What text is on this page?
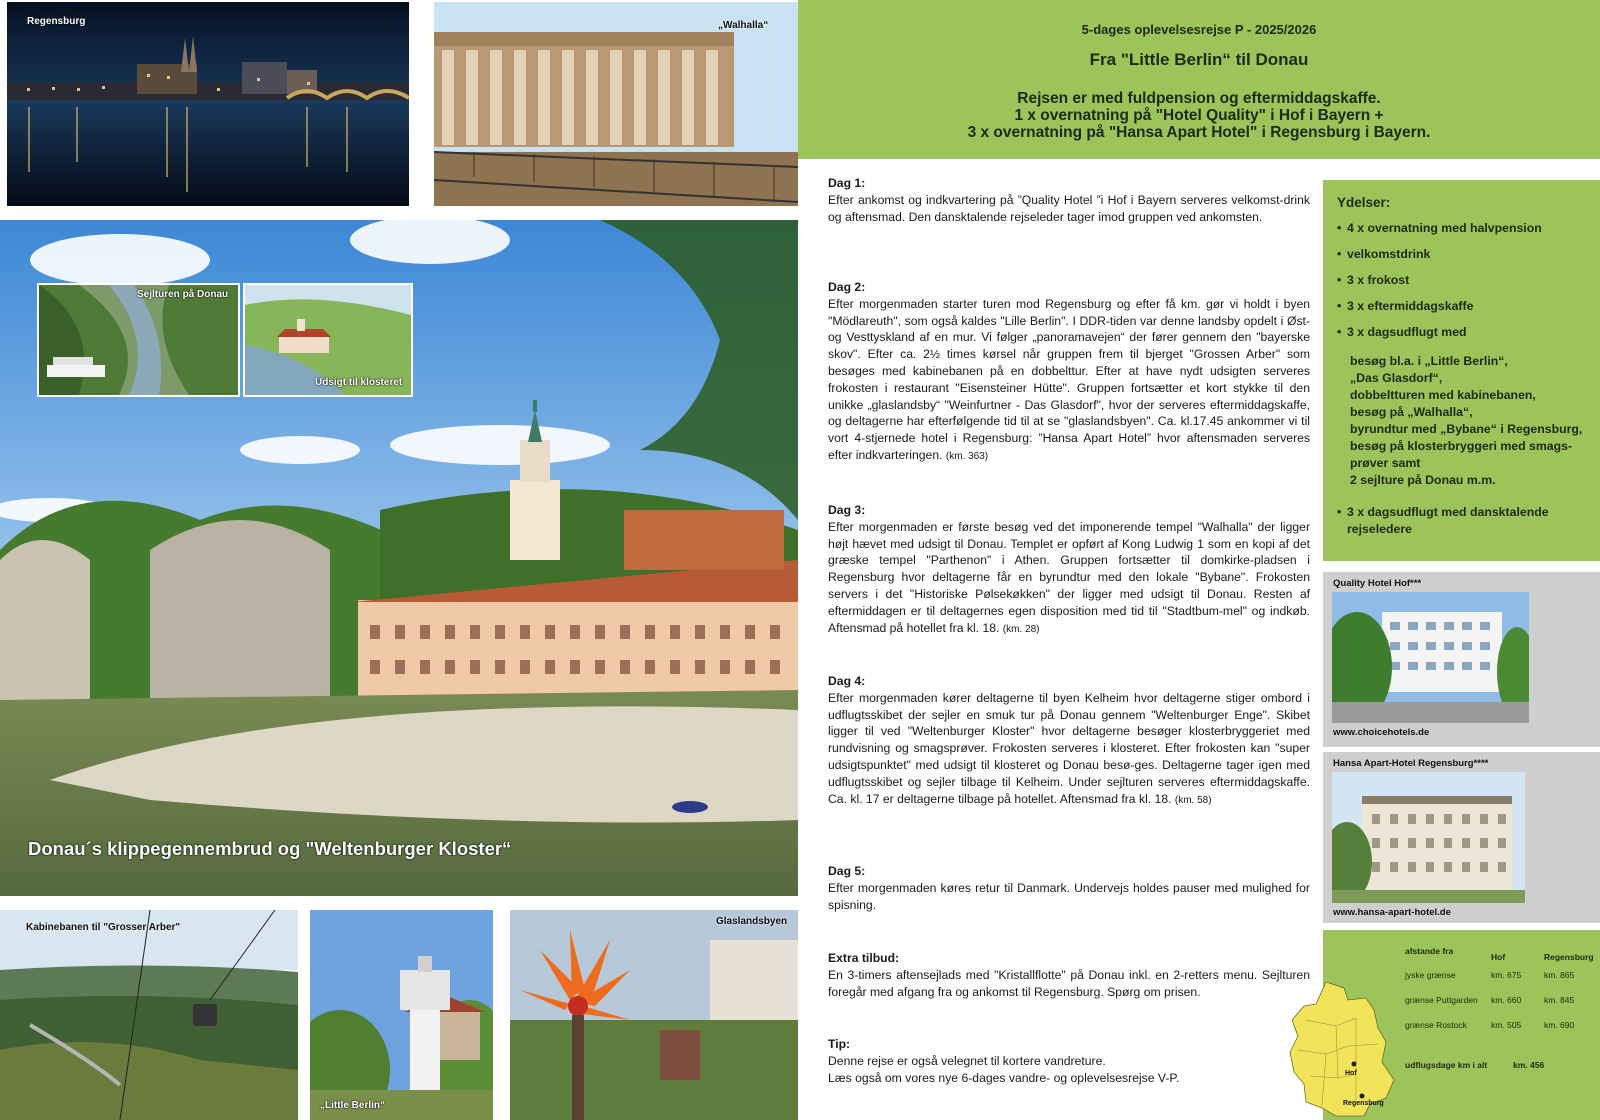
Regensburg	„Walhalla“
Donau´s klippegennembrud og "Weltenburger Kloster“
Sejlturen på Donau
Udsigt til klosteret
Kabinebanen til "Grosser Arber"
„Little Berlin“
Glaslandsbyen
5-dages oplevelsesrejse P - 2025/2026
Fra "Little Berlin“ til Donau
Rejsen er med fuldpension og eftermiddagskaffe.
1 x overnatning på "Hotel Quality" i Hof i Bayern +
3 x overnatning på "Hansa Apart Hotel" i Regensburg i Bayern.
Dag 1:
Efter ankomst og indkvartering på ”Quality Hotel ”i Hof i Bayern serveres velkomst-drink og aftensmad. Den dansktalende rejseleder tager imod gruppen ved ankomsten.
Dag 2:
Efter morgenmaden starter turen mod Regensburg og efter få km. gør vi holdt i byen "Mödlareuth", som også kaldes "Lille Berlin". I DDR-tiden var denne landsby opdelt i Øst- og Vesttyskland af en mur. Vi følger „panoramavejen“ der fører gennem den "bayerske skov". Efter ca. 2½ times kørsel når gruppen frem til bjerget "Grossen Arber" som besøges med kabinebanen på en dobbelttur. Efter at have nydt udsigten serveres frokosten i restaurant "Eisensteiner Hütte". Gruppen fortsætter et kort stykke til den unikke „glaslandsby“ "Weinfurtner - Das Glasdorf", hvor der serveres eftermiddagskaffe, og deltagerne har efterfølgende tid til at se "glaslandsbyen". Ca. kl.17.45 ankommer vi til vort 4-stjernede hotel i Regensburg: ”Hansa Apart Hotel” hvor aftensmaden serveres efter indkvarteringen. (km. 363)
Dag 3:
Efter morgenmaden er første besøg ved det imponerende tempel "Walhalla" der ligger højt hævet med udsigt til Donau. Templet er opført af Kong Ludwig 1 som en kopi af det græske tempel "Parthenon" i Athen. Gruppen fortsætter til domkirke-pladsen i Regensburg hvor deltagerne får en byrundtur med den lokale "Bybane". Frokosten servers i det "Historiske Pølsekøkken" der ligger med udsigt til Donau. Resten af eftermiddagen er til deltagernes egen disposition med tid til "Stadtbum-mel" og indkøb. Aftensmad på hotellet fra kl. 18. (km. 28)
Dag 4:
Efter morgenmaden kører deltagerne til byen Kelheim hvor deltagerne stiger ombord i udflugtsskibet der sejler en smuk tur på Donau gennem "Weltenburger Enge". Skibet ligger til ved "Weltenburger Kloster" hvor deltagerne besøger klosterbryggeriet med rundvisning og smagsprøver. Frokosten serveres i klosteret. Efter frokosten kan "super udsigtspunktet" med udsigt til klosteret og Donau besø-ges. Deltagerne tager igen med udflugtsskibet og sejler tilbage til Kelheim. Under sejlturen serveres eftermiddagskaffe. Ca. kl. 17 er deltagerne tilbage på hotellet. Aftensmad fra kl. 18. (km. 58)
Dag 5:
Efter morgenmaden køres retur til Danmark. Undervejs holdes pauser med mulighed for spisning.
Extra tilbud:
En 3-timers aftensejlads med "Kristallflotte" på Donau inkl. en 2-retters menu. Sejlturen foregår med afgang fra og ankomst til Regensburg. Spørg om prisen.
Tip:
Denne rejse er også velegnet til kortere vandreture.
Læs også om vores nye 6-dages vandre- og oplevelsesrejse V-P.
Ydelser:
• 4 x overnatning med halvpension
• velkomstdrink
• 3 x frokost
• 3 x eftermiddagskaffe
• 3 x dagsudflugt med
besøg bl.a. i „Little Berlin“,
„Das Glasdorf“,
dobbeltturen med kabinebanen,
besøg på „Walhalla“,
byrundtur med „Bybane“ i Regensburg,
besøg på klosterbryggeri med smags-
prøver samt
2 sejlture på Donau m.m.
• 3 x dagsudflugt med dansktalende rejseledere
Quality Hotel Hof***
www.choicehotels.de
Hansa Apart-Hotel Regensburg****
www.hansa-apart-hotel.de
Hof
Regensburg
afstande fra
Hof	Regensburg
jyske grænse	km. 675	km. 865
grænse Puttgarden km. 660	km. 845
grænse Rostock	km. 505	km. 690
udflugsdage km i alt	km. 456
